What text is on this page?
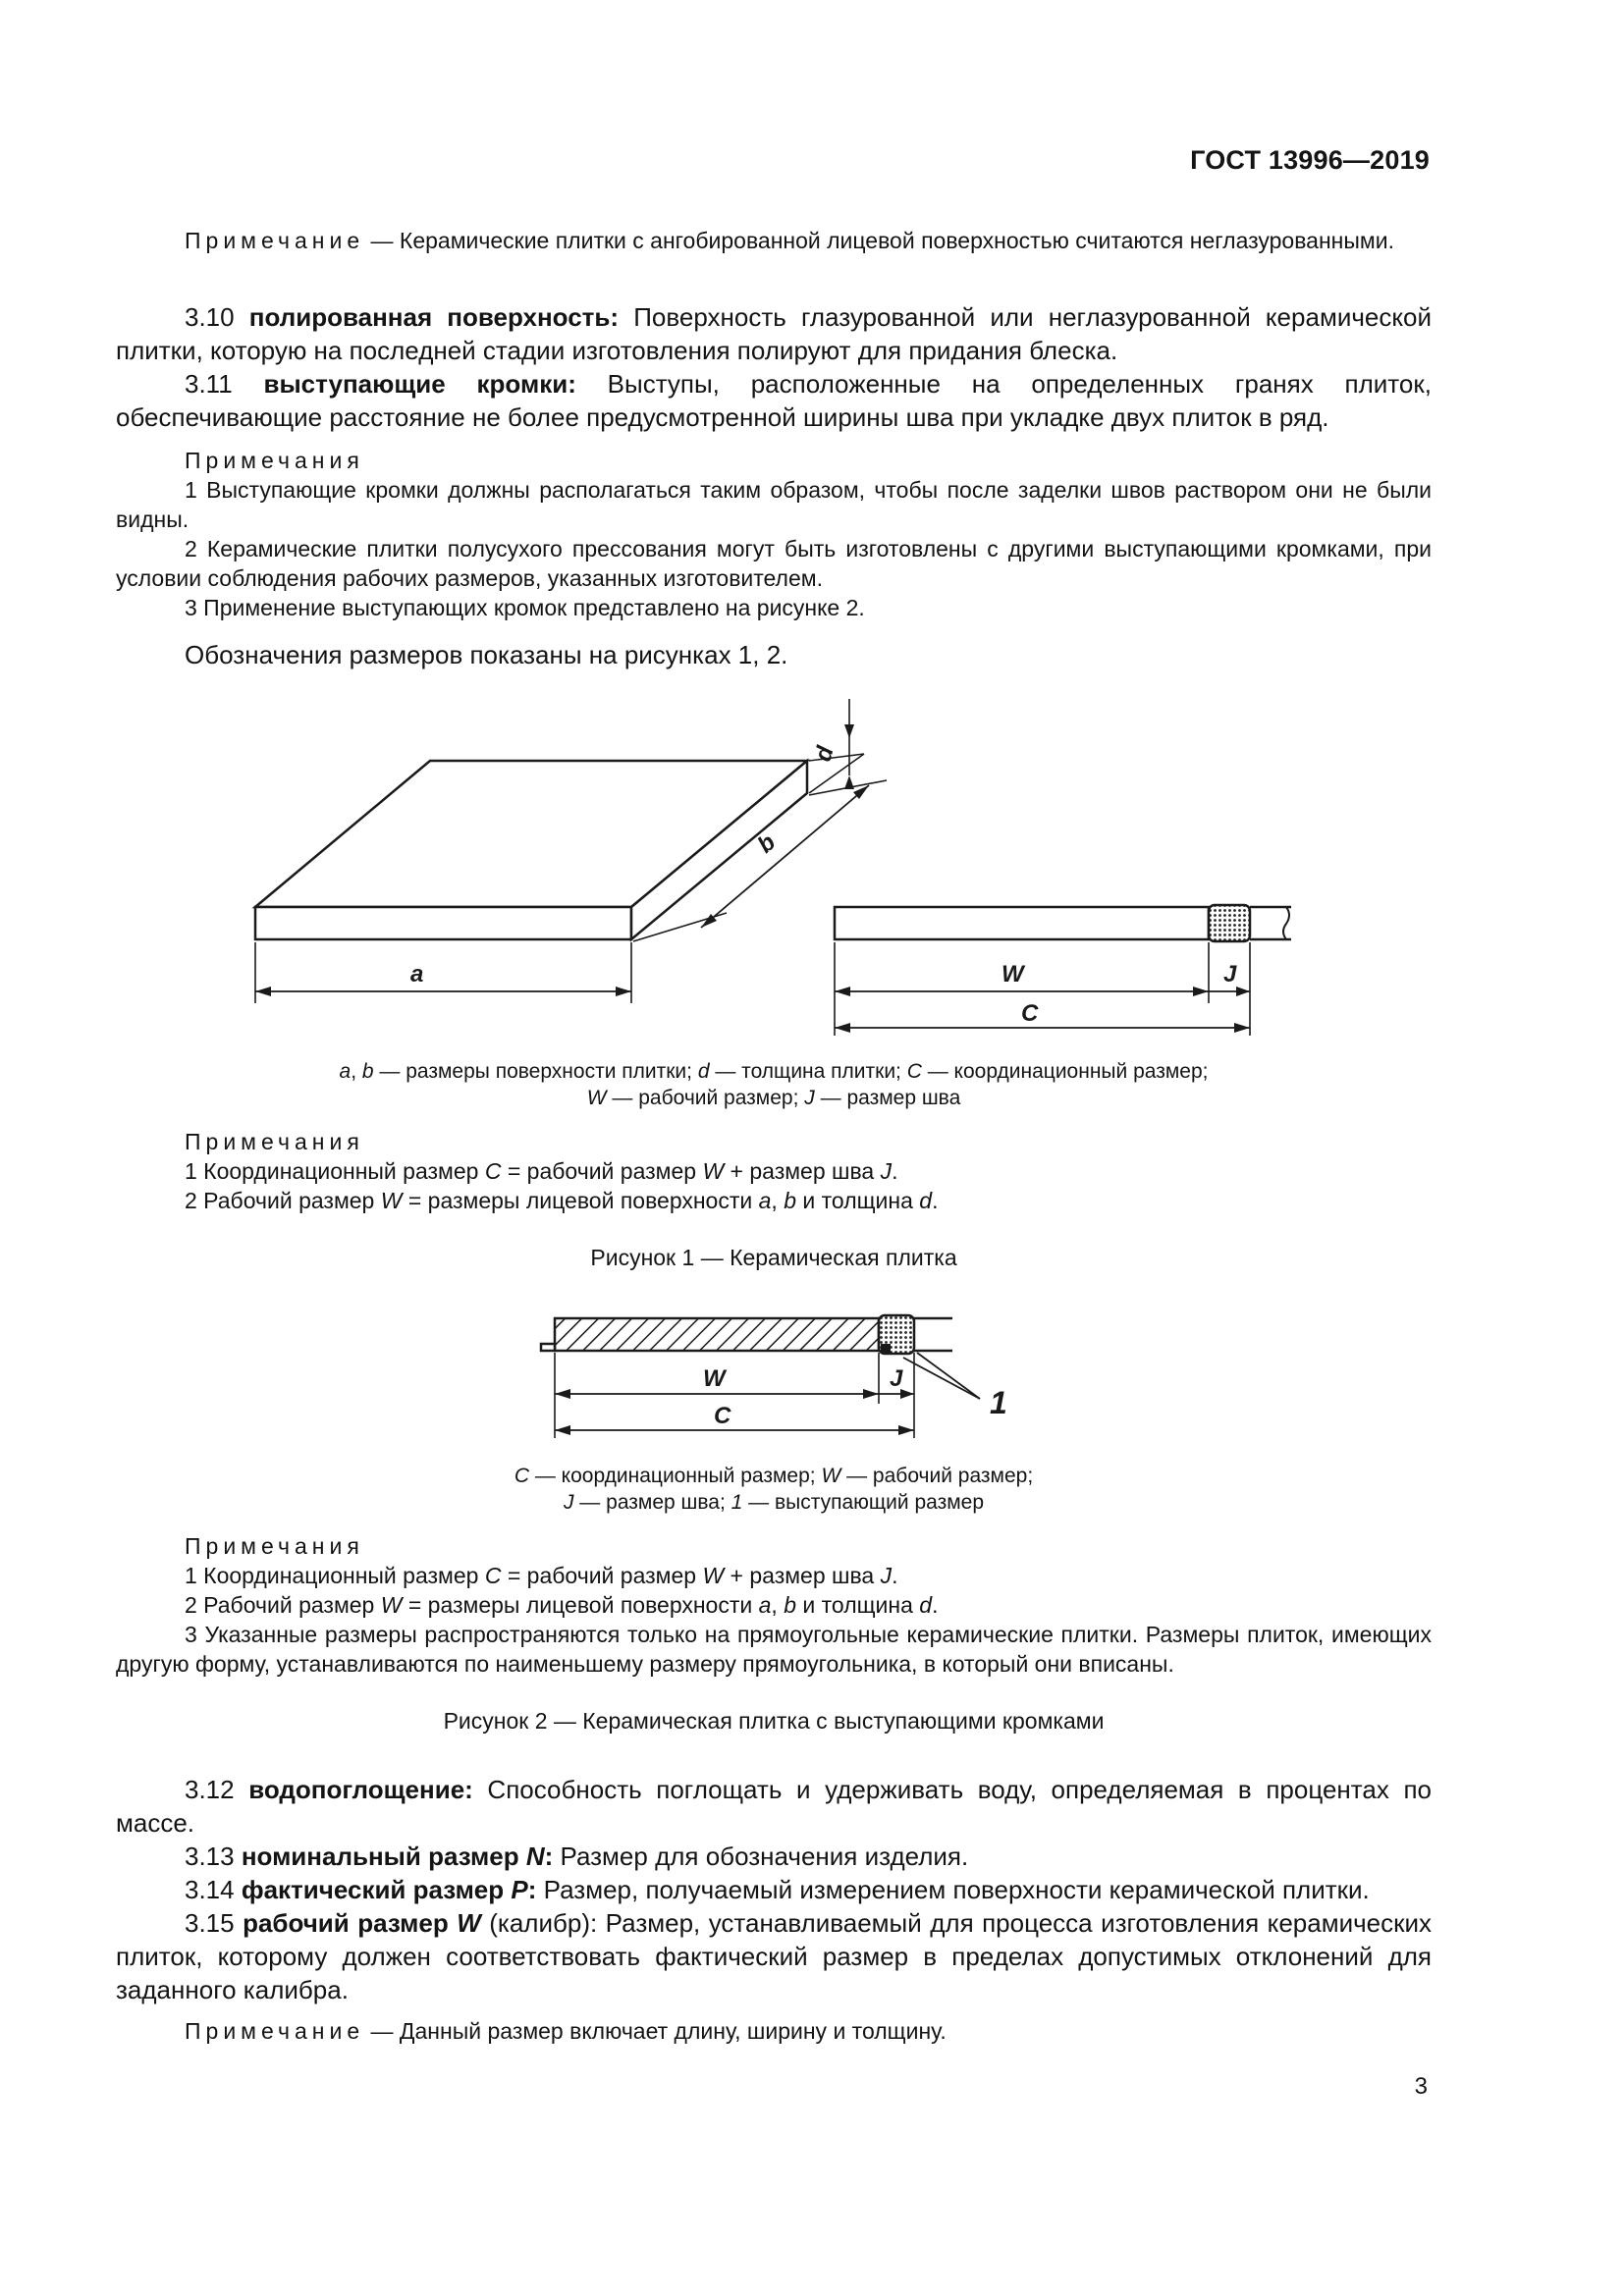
ГОСТ 13996—2019

Примечание — Керамические плитки с ангобированной лицевой поверхностью считаются неглазурованными.

3.10 полированная поверхность: Поверхность глазурованной или неглазурованной керамической плитки, которую на последней стадии изготовления полируют для придания блеска.

3.11 выступающие кромки: Выступы, расположенные на определенных гранях плиток, обеспечивающие расстояние не более предусмотренной ширины шва при укладке двух плиток в ряд.

Примечания
1 Выступающие кромки должны располагаться таким образом, чтобы после заделки швов раствором они не были видны.
2 Керамические плитки полусухого прессования могут быть изготовлены с другими выступающими кромками, при условии соблюдения рабочих размеров, указанных изготовителем.
3 Применение выступающих кромок представлено на рисунке 2.

Обозначения размеров показаны на рисунках 1, 2.

a
b
d
W	J
C

a, b — размеры поверхности плитки; d — толщина плитки; C — координационный размер;
W — рабочий размер; J — размер шва

Примечания
1 Координационный размер C = рабочий размер W + размер шва J.
2 Рабочий размер W = размеры лицевой поверхности a, b и толщина d.

Рисунок 1 — Керамическая плитка

W	J
C	1

C — координационный размер; W — рабочий размер;
J — размер шва; 1 — выступающий размер

Примечания
1 Координационный размер C = рабочий размер W + размер шва J.
2 Рабочий размер W = размеры лицевой поверхности a, b и толщина d.
3 Указанные размеры распространяются только на прямоугольные керамические плитки. Размеры плиток, имеющих другую форму, устанавливаются по наименьшему размеру прямоугольника, в который они вписаны.

Рисунок 2 — Керамическая плитка с выступающими кромками

3.12 водопоглощение: Способность поглощать и удерживать воду, определяемая в процентах по массе.

3.13 номинальный размер N: Размер для обозначения изделия.

3.14 фактический размер P: Размер, получаемый измерением поверхности керамической плитки.

3.15 рабочий размер W (калибр): Размер, устанавливаемый для процесса изготовления керамических плиток, которому должен соответствовать фактический размер в пределах допустимых отклонений для заданного калибра.

Примечание — Данный размер включает длину, ширину и толщину.

3
